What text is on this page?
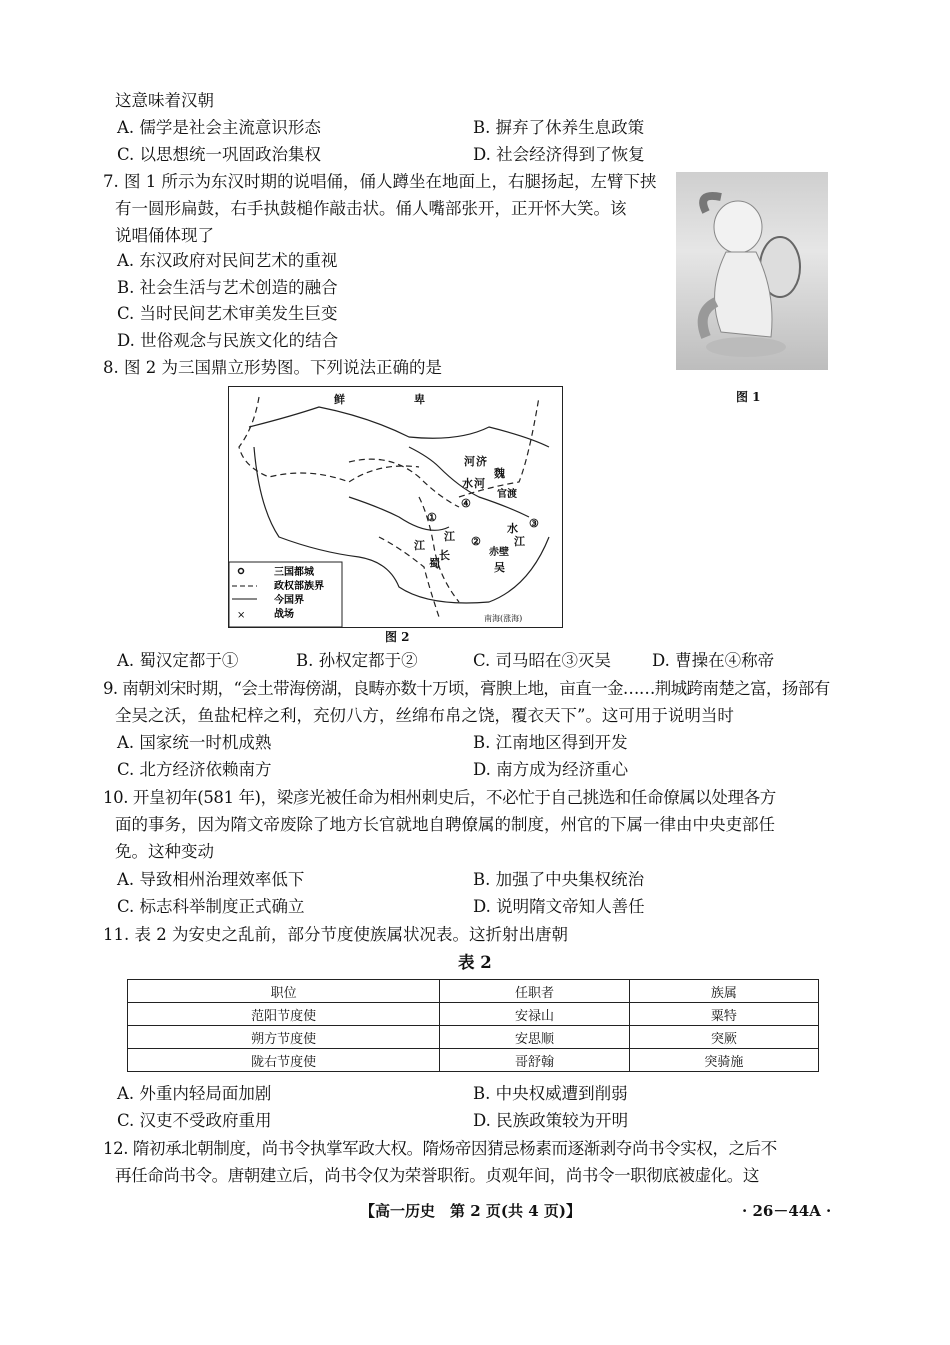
这意味着汉朝
A. 儒学是社会主流意识形态	B. 摒弃了休养生息政策
C. 以思想统一巩固政治集权	D. 社会经济得到了恢复
7. 图 1 所示为东汉时期的说唱俑，俑人蹲坐在地面上，右腿扬起，左臂下挟
有一圆形扁鼓，右手执鼓槌作敲击状。俑人嘴部张开，正开怀大笑。该
说唱俑体现了
A. 东汉政府对民间艺术的重视
B. 社会生活与艺术创造的融合
C. 当时民间艺术审美发生巨变
D. 世俗观念与民族文化的结合
图 1
8. 图 2 为三国鼎立形势图。下列说法正确的是
鲜	卑
河 济
水 河
魏
官渡
①
②
③
④
江
长
蜀	吴
赤壁
水
江
江
南海(涨海)
×
三国都城
政权部族界
今国界
战场
图 2
A. 蜀汉定都于①	B. 孙权定都于②	C. 司马昭在③灭吴 D. 曹操在④称帝
9. 南朝刘宋时期，“会土带海傍湖，良畴亦数十万顷，膏腴上地，亩直一金……荆城跨南楚之富，扬部有
全吴之沃，鱼盐杞梓之利，充仞八方，丝绵布帛之饶，覆衣天下”。这可用于说明当时
A. 国家统一时机成熟	B. 江南地区得到开发
C. 北方经济依赖南方	D. 南方成为经济重心
10. 开皇初年(581 年)，梁彦光被任命为相州刺史后，不必忙于自己挑选和任命僚属以处理各方
面的事务，因为隋文帝废除了地方长官就地自聘僚属的制度，州官的下属一律由中央吏部任
免。这种变动
A. 导致相州治理效率低下	B. 加强了中央集权统治
C. 标志科举制度正式确立	D. 说明隋文帝知人善任
11. 表 2 为安史之乱前，部分节度使族属状况表。这折射出唐朝
表 2
职位	任职者	族属
范阳节度使	安禄山	粟特
朔方节度使	安思顺	突厥
陇右节度使	哥舒翰	突骑施
A. 外重内轻局面加剧	B. 中央权威遭到削弱
C. 汉吏不受政府重用	D. 民族政策较为开明
12. 隋初承北朝制度，尚书令执掌军政大权。隋炀帝因猜忌杨素而逐渐剥夺尚书令实权，之后不
再任命尚书令。唐朝建立后，尚书令仅为荣誉职衔。贞观年间，尚书令一职彻底被虚化。这
【高一历史　第 2 页(共 4 页)】	· 26－44A ·
